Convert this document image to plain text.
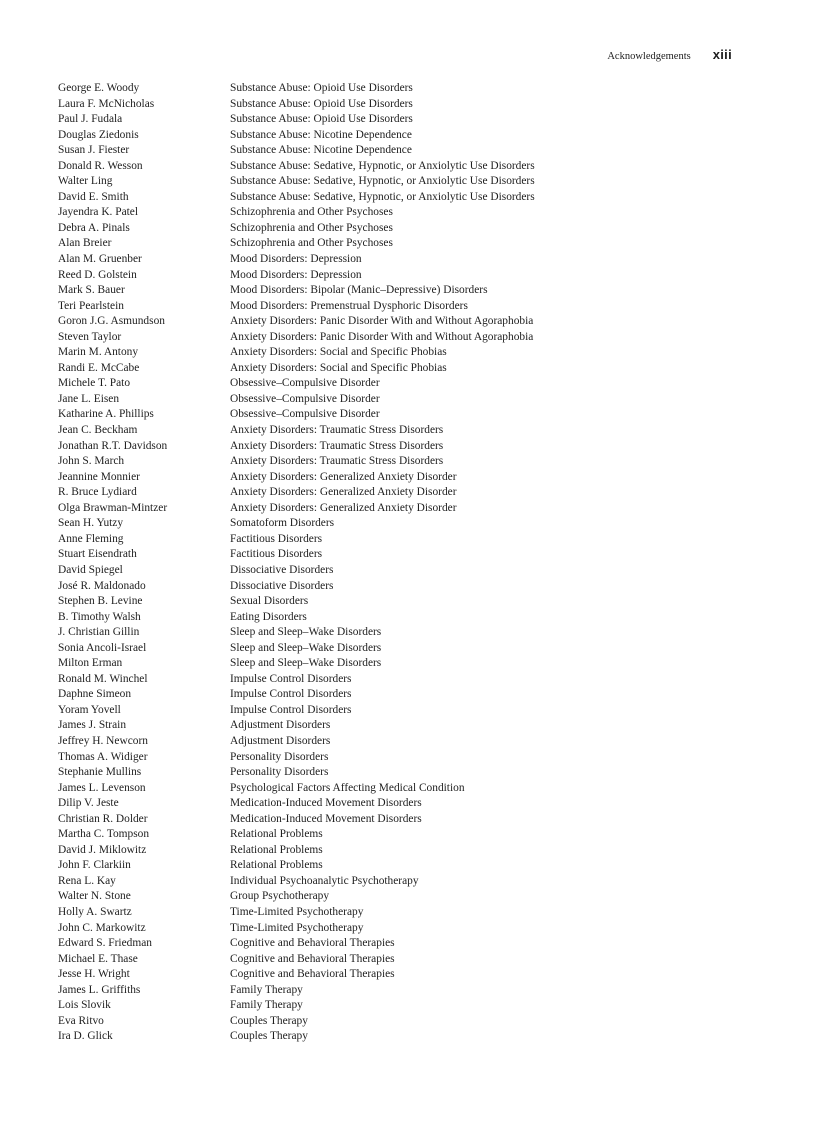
Acknowledgements xiii
George E. Woody	Substance Abuse: Opioid Use Disorders
Laura F. McNicholas	Substance Abuse: Opioid Use Disorders
Paul J. Fudala	Substance Abuse: Opioid Use Disorders
Douglas Ziedonis	Substance Abuse: Nicotine Dependence
Susan J. Fiester	Substance Abuse: Nicotine Dependence
Donald R. Wesson	Substance Abuse: Sedative, Hypnotic, or Anxiolytic Use Disorders
Walter Ling	Substance Abuse: Sedative, Hypnotic, or Anxiolytic Use Disorders
David E. Smith	Substance Abuse: Sedative, Hypnotic, or Anxiolytic Use Disorders
Jayendra K. Patel	Schizophrenia and Other Psychoses
Debra A. Pinals	Schizophrenia and Other Psychoses
Alan Breier	Schizophrenia and Other Psychoses
Alan M. Gruenber	Mood Disorders: Depression
Reed D. Golstein	Mood Disorders: Depression
Mark S. Bauer	Mood Disorders: Bipolar (Manic–Depressive) Disorders
Teri Pearlstein	Mood Disorders: Premenstrual Dysphoric Disorders
Goron J.G. Asmundson	Anxiety Disorders: Panic Disorder With and Without Agoraphobia
Steven Taylor	Anxiety Disorders: Panic Disorder With and Without Agoraphobia
Marin M. Antony	Anxiety Disorders: Social and Specific Phobias
Randi E. McCabe	Anxiety Disorders: Social and Specific Phobias
Michele T. Pato	Obsessive–Compulsive Disorder
Jane L. Eisen	Obsessive–Compulsive Disorder
Katharine A. Phillips	Obsessive–Compulsive Disorder
Jean C. Beckham	Anxiety Disorders: Traumatic Stress Disorders
Jonathan R.T. Davidson	Anxiety Disorders: Traumatic Stress Disorders
John S. March	Anxiety Disorders: Traumatic Stress Disorders
Jeannine Monnier	Anxiety Disorders: Generalized Anxiety Disorder
R. Bruce Lydiard	Anxiety Disorders: Generalized Anxiety Disorder
Olga Brawman-Mintzer	Anxiety Disorders: Generalized Anxiety Disorder
Sean H. Yutzy	Somatoform Disorders
Anne Fleming	Factitious Disorders
Stuart Eisendrath	Factitious Disorders
David Spiegel	Dissociative Disorders
José R. Maldonado	Dissociative Disorders
Stephen B. Levine	Sexual Disorders
B. Timothy Walsh	Eating Disorders
J. Christian Gillin	Sleep and Sleep–Wake Disorders
Sonia Ancoli-Israel	Sleep and Sleep–Wake Disorders
Milton Erman	Sleep and Sleep–Wake Disorders
Ronald M. Winchel	Impulse Control Disorders
Daphne Simeon	Impulse Control Disorders
Yoram Yovell	Impulse Control Disorders
James J. Strain	Adjustment Disorders
Jeffrey H. Newcorn	Adjustment Disorders
Thomas A. Widiger	Personality Disorders
Stephanie Mullins	Personality Disorders
James L. Levenson	Psychological Factors Affecting Medical Condition
Dilip V. Jeste	Medication-Induced Movement Disorders
Christian R. Dolder	Medication-Induced Movement Disorders
Martha C. Tompson	Relational Problems
David J. Miklowitz	Relational Problems
John F. Clarkiin	Relational Problems
Rena L. Kay	Individual Psychoanalytic Psychotherapy
Walter N. Stone	Group Psychotherapy
Holly A. Swartz	Time-Limited Psychotherapy
John C. Markowitz	Time-Limited Psychotherapy
Edward S. Friedman	Cognitive and Behavioral Therapies
Michael E. Thase	Cognitive and Behavioral Therapies
Jesse H. Wright	Cognitive and Behavioral Therapies
James L. Griffiths	Family Therapy
Lois Slovik	Family Therapy
Eva Ritvo	Couples Therapy
Ira D. Glick	Couples Therapy
